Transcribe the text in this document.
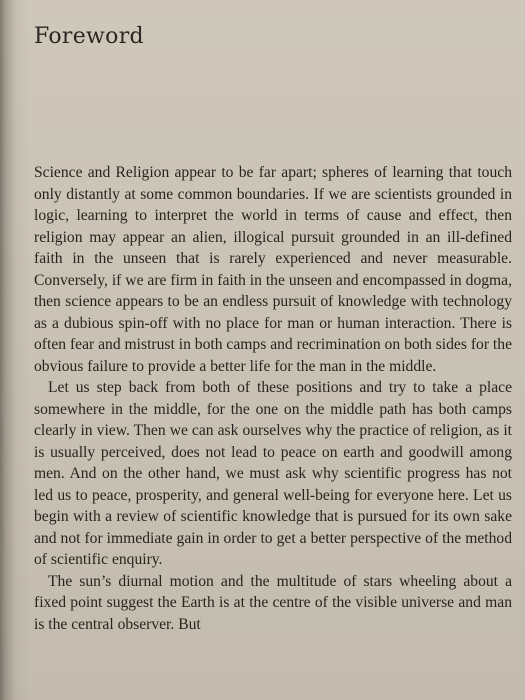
Foreword

Science and Religion appear to be far apart; spheres of learning that touch only distantly at some common boundaries. If we are scientists grounded in logic, learning to interpret the world in terms of cause and effect, then religion may appear an alien, illogical pursuit grounded in an ill-defined faith in the unseen that is rarely experienced and never measurable. Conversely, if we are firm in faith in the unseen and encompassed in dogma, then science appears to be an endless pursuit of knowledge with technology as a dubious spin-off with no place for man or human interaction. There is often fear and mistrust in both camps and recrimination on both sides for the obvious failure to provide a better life for the man in the middle.

Let us step back from both of these positions and try to take a place somewhere in the middle, for the one on the middle path has both camps clearly in view. Then we can ask ourselves why the practice of religion, as it is usually perceived, does not lead to peace on earth and goodwill among men. And on the other hand, we must ask why scientific progress has not led us to peace, prosperity, and general well-being for everyone here. Let us begin with a review of scientific knowledge that is pursued for its own sake and not for immediate gain in order to get a better perspective of the method of scientific enquiry.

The sun’s diurnal motion and the multitude of stars wheeling about a fixed point suggest the Earth is at the centre of the visible universe and man is the central observer. But
